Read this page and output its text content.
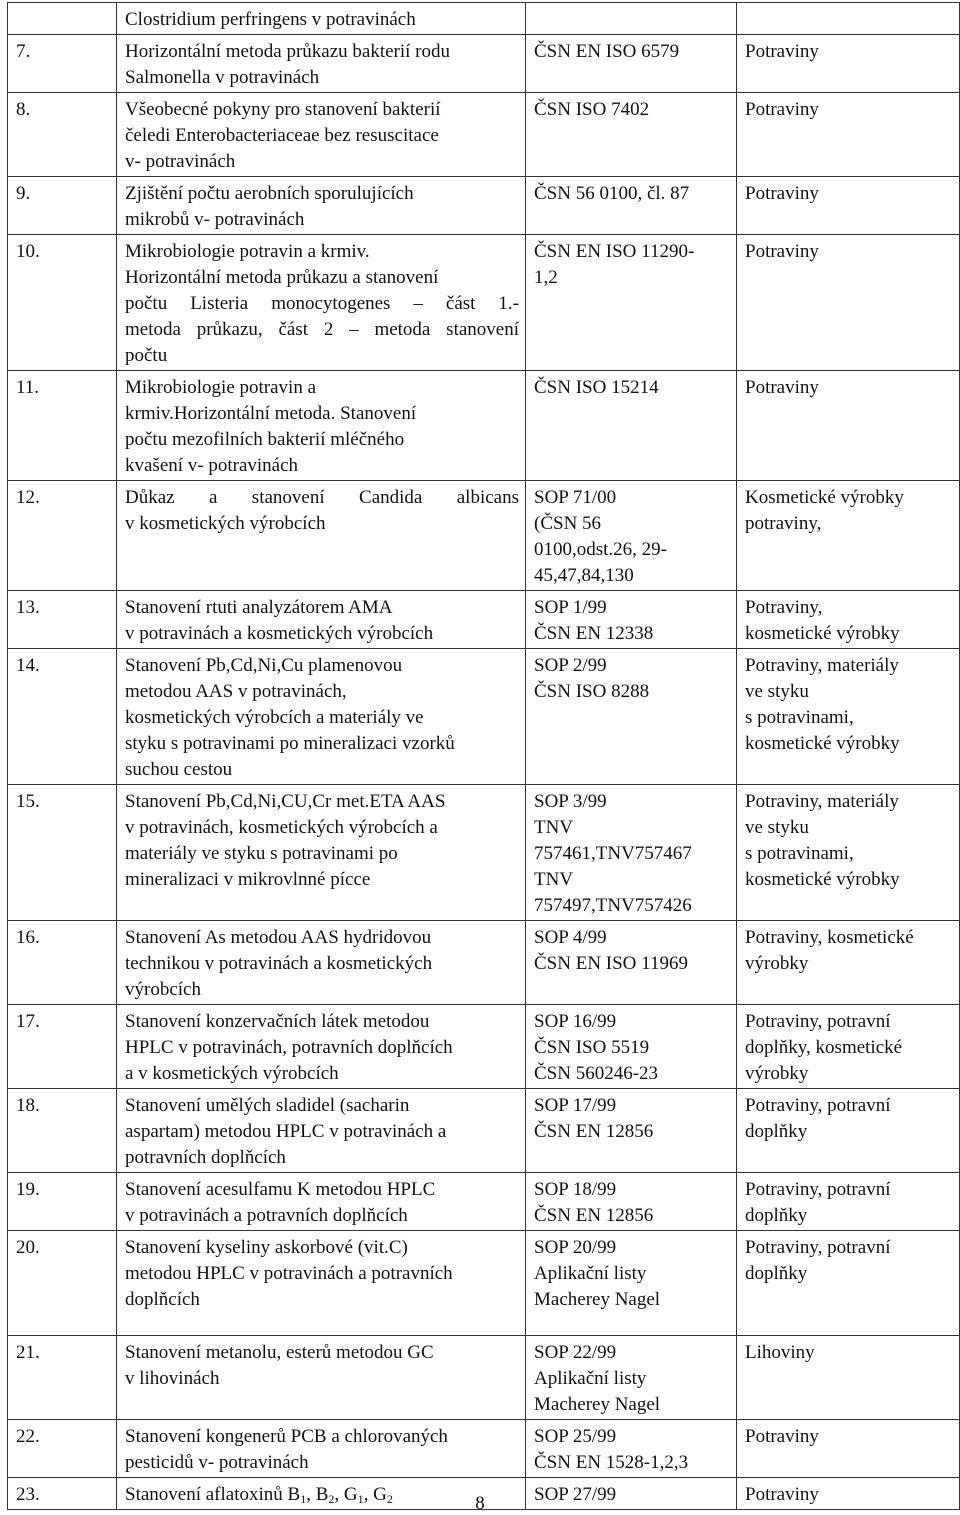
	Clostridium perfringens v potravinách		

7.	Horizontální metoda průkazu bakterií rodu
Salmonella v potravinách	ČSN EN ISO 6579	Potraviny

8.	Všeobecné pokyny pro stanovení bakterií
čeledi Enterobacteriaceae bez resuscitace
v- potravinách	ČSN ISO 7402	Potraviny

9.	Zjištění počtu aerobních sporulujících
mikrobů v- potravinách	ČSN 56 0100, čl. 87	Potraviny

10.	Mikrobiologie potravin a krmiv.
Horizontální metoda průkazu a stanovení
počtu Listeria monocytogenes – část 1.-
metoda průkazu, část 2 – metoda stanovení
počtu	ČSN EN ISO 11290-
1,2	Potraviny

11.	Mikrobiologie potravin a
krmiv.Horizontální metoda. Stanovení
počtu mezofilních bakterií mléčného
kvašení v- potravinách	ČSN ISO 15214	Potraviny

12.	Důkaz a stanovení Candida albicans
v kosmetických výrobcích	SOP 71/00
(ČSN 56
0100,odst.26, 29-
45,47,84,130	Kosmetické výrobky
potraviny,

13.	Stanovení rtuti analyzátorem AMA
v potravinách a kosmetických výrobcích	SOP 1/99
ČSN EN 12338	Potraviny,
kosmetické výrobky

14.	Stanovení Pb,Cd,Ni,Cu plamenovou
metodou AAS v potravinách,
kosmetických výrobcích a materiály ve
styku s potravinami po mineralizaci vzorků
suchou cestou	SOP 2/99
ČSN ISO 8288	Potraviny, materiály
ve styku
s potravinami,
kosmetické výrobky

15.	Stanovení Pb,Cd,Ni,CU,Cr met.ETA AAS
v potravinách, kosmetických výrobcích a
materiály ve styku s potravinami po
mineralizaci v mikrovlnné pícce	SOP 3/99
TNV
757461,TNV757467
TNV
757497,TNV757426	Potraviny, materiály
ve styku
s potravinami,
kosmetické výrobky

16.	Stanovení As metodou AAS hydridovou
technikou v potravinách a kosmetických
výrobcích	SOP 4/99
ČSN EN ISO 11969	Potraviny, kosmetické
výrobky

17.	Stanovení konzervačních látek metodou
HPLC v potravinách, potravních doplňcích
a v kosmetických výrobcích	SOP 16/99
ČSN ISO 5519
ČSN 560246-23	Potraviny, potravní
doplňky, kosmetické
výrobky

18.	Stanovení umělých sladidel (sacharin
aspartam) metodou HPLC v potravinách a
potravních doplňcích	SOP 17/99
ČSN EN 12856	Potraviny, potravní
doplňky

19.	Stanovení acesulfamu K metodou HPLC
v potravinách a potravních doplňcích	SOP 18/99
ČSN EN 12856	Potraviny, potravní
doplňky

20.	Stanovení kyseliny askorbové (vit.C)
metodou HPLC v potravinách a potravních
doplňcích	SOP 20/99
Aplikační listy
Macherey Nagel	Potraviny, potravní
doplňky

21.	Stanovení metanolu, esterů metodou GC
v lihovinách	SOP 22/99
Aplikační listy
Macherey Nagel	Lihoviny

22.	Stanovení kongenerů PCB a chlorovaných
pesticidů v- potravinách	SOP 25/99
ČSN EN 1528-1,2,3	Potraviny

23.	Stanovení aflatoxinů $B_1$, $B_2$, $G_1$, $G_2$	SOP 27/99	Potraviny
8
